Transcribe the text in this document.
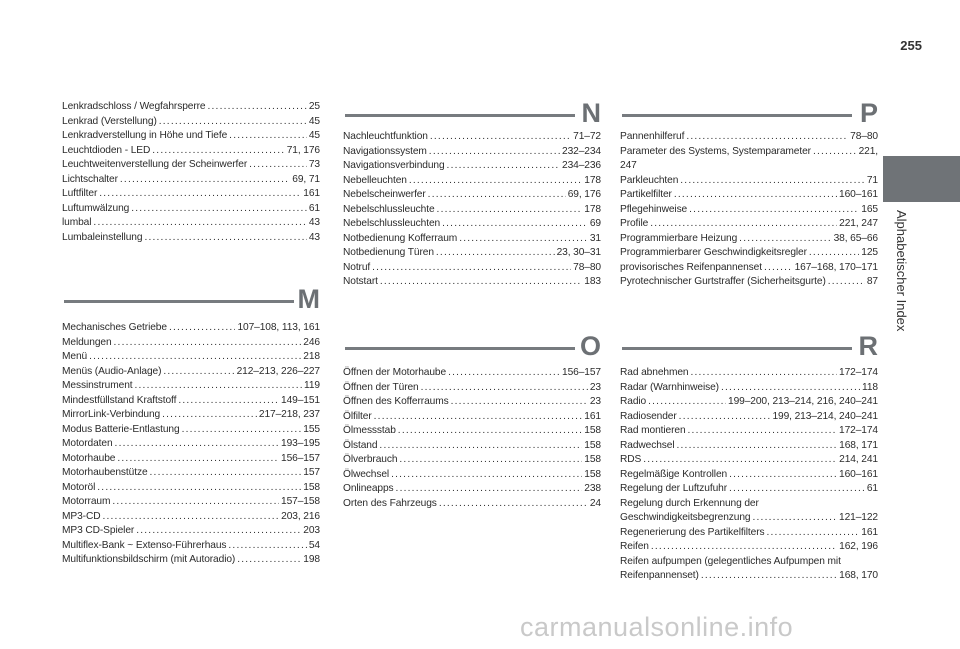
255
Alphabetischer Index
Lenkradschloss / Wegfahrsperre .....	25
Lenkrad (Verstellung) .....	45
Lenkradverstellung in Höhe und Tiefe .....	45
Leuchtdioden - LED .....	71, 176
Leuchtweitenverstellung der Scheinwerfer .....	73
Lichtschalter .....	69, 71
Luftfilter .....	161
Luftumwälzung .....	61
lumbal .....	43
Lumbaleinstellung .....	43
M
Mechanisches Getriebe .....	107–108, 113, 161
Meldungen .....	246
Menü .....	218
Menüs (Audio-Anlage) .....	212–213, 226–227
Messinstrument .....	119
Mindestfüllstand Kraftstoff .....	149–151
MirrorLink-Verbindung .....	217–218, 237
Modus Batterie-Entlastung .....	155
Motordaten .....	193–195
Motorhaube .....	156–157
Motorhaubenstütze .....	157
Motoröl .....	158
Motorraum .....	157–158
MP3-CD .....	203, 216
MP3 CD-Spieler .....	203
Multiflex-Bank ~ Extenso-Führerhaus .....	54
Multifunktionsbildschirm (mit Autoradio) .....	198
N
Nachleuchtfunktion .....	71–72
Navigationssystem .....	232–234
Navigationsverbindung .....	234–236
Nebelleuchten .....	178
Nebelscheinwerfer .....	69, 176
Nebelschlussleuchte .....	178
Nebelschlussleuchten .....	69
Notbedienung Kofferraum .....	31
Notbedienung Türen .....	23, 30–31
Notruf .....	78–80
Notstart .....	183
O
Öffnen der Motorhaube .....	156–157
Öffnen der Türen .....	23
Öffnen des Kofferraums .....	23
Ölfilter .....	161
Ölmessstab .....	158
Ölstand .....	158
Ölverbrauch .....	158
Ölwechsel .....	158
Onlineapps .....	238
Orten des Fahrzeugs .....	24
P
Pannenhilferuf .....	78–80
Parameter des Systems, Systemparameter .....	221,
247
Parkleuchten .....	71
Partikelfilter .....	160–161
Pflegehinweise .....	165
Profile .....	221, 247
Programmierbare Heizung .....	38, 65–66
Programmierbarer Geschwindigkeitsregler .....	125
provisorisches Reifenpannenset .....	167–168, 170–171
Pyrotechnischer Gurtstraffer (Sicherheitsgurte) .....	87
R
Rad abnehmen .....	172–174
Radar (Warnhinweise) .....	118
Radio .....	199–200, 213–214, 216, 240–241
Radiosender .....	199, 213–214, 240–241
Rad montieren .....	172–174
Radwechsel .....	168, 171
RDS .....	214, 241
Regelmäßige Kontrollen .....	160–161
Regelung der Luftzufuhr .....	61
Regelung durch Erkennung der
Geschwindigkeitsbegrenzung .....	121–122
Regenerierung des Partikelfilters .....	161
Reifen .....	162, 196
Reifen aufpumpen (gelegentliches Aufpumpen mit
Reifenpannenset) .....	168, 170
carmanualsonline.info
